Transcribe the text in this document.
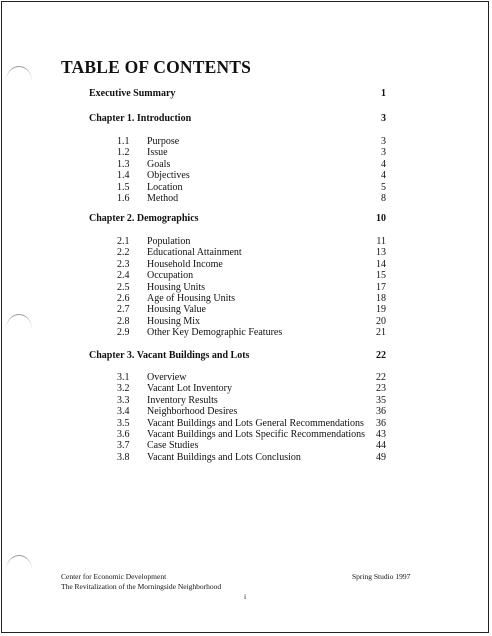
TABLE OF CONTENTS
Executive Summary	1
Chapter 1. Introduction	3
1.1	Purpose	3
1.2	Issue	3
1.3	Goals	4
1.4	Objectives	4
1.5	Location	5
1.6	Method	8
Chapter 2. Demographics	10
2.1	Population	11
2.2	Educational Attainment	13
2.3	Household Income	14
2.4	Occupation	15
2.5	Housing Units	17
2.6	Age of Housing Units	18
2.7	Housing Value	19
2.8	Housing Mix	20
2.9	Other Key Demographic Features	21
Chapter 3. Vacant Buildings and Lots	22
3.1	Overview	22
3.2	Vacant Lot Inventory	23
3.3	Inventory Results	35
3.4	Neighborhood Desires	36
3.5	Vacant Buildings and Lots General Recommendations	36
3.6	Vacant Buildings and Lots Specific Recommendations	43
3.7	Case Studies	44
3.8	Vacant Buildings and Lots Conclusion	49
Center for Economic Development
The Revitalization of the Morningside Neighborhood
Spring Studio 1997
i
